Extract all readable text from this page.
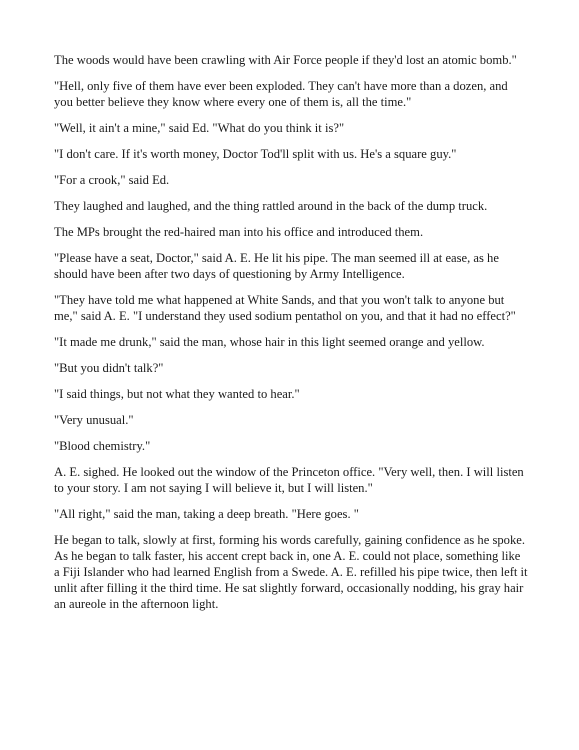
The woods would have been crawling with Air Force people if they'd lost an atomic bomb."

"Hell, only five of them have ever been exploded. They can't have more than a dozen, and you better believe they know where every one of them is, all the time."

"Well, it ain't a mine," said Ed. "What do you think it is?"

"I don't care. If it's worth money, Doctor Tod'll split with us. He's a square guy."

"For a crook," said Ed.

They laughed and laughed, and the thing rattled around in the back of the dump truck.

The MPs brought the red-haired man into his office and introduced them.

"Please have a seat, Doctor," said A. E. He lit his pipe. The man seemed ill at ease, as he should have been after two days of questioning by Army Intelligence.

"They have told me what happened at White Sands, and that you won't talk to anyone but me," said A. E. "I understand they used sodium pentathol on you, and that it had no effect?"

"It made me drunk," said the man, whose hair in this light seemed orange and yellow.

"But you didn't talk?"

"I said things, but not what they wanted to hear."

"Very unusual."

"Blood chemistry."

A. E. sighed. He looked out the window of the Princeton office. "Very well, then. I will listen to your story. I am not saying I will believe it, but I will listen."

"All right," said the man, taking a deep breath. "Here goes. "

He began to talk, slowly at first, forming his words carefully, gaining confidence as he spoke. As he began to talk faster, his accent crept back in, one A. E. could not place, something like a Fiji Islander who had learned English from a Swede. A. E. refilled his pipe twice, then left it unlit after filling it the third time. He sat slightly forward, occasionally nodding, his gray hair an aureole in the afternoon light.
